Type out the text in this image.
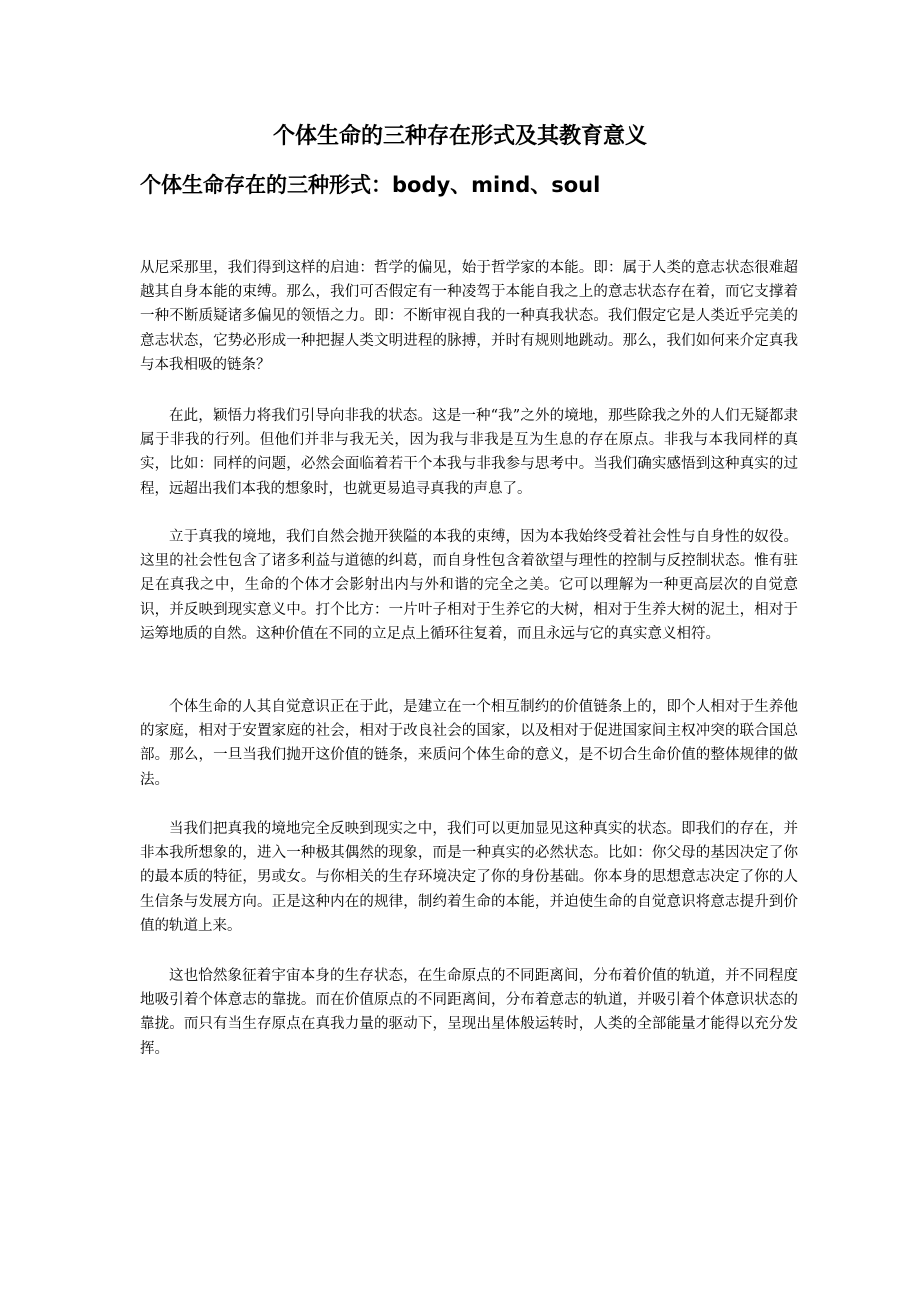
个体生命的三种存在形式及其教育意义
个体生命存在的三种形式：body、mind、soul

从尼采那里，我们得到这样的启迪：哲学的偏见，始于哲学家的本能。即：属于人类的意志状态很难超越其自身本能的束缚。那么，我们可否假定有一种凌驾于本能自我之上的意志状态存在着，而它支撑着一种不断质疑诸多偏见的领悟之力。即：不断审视自我的一种真我状态。我们假定它是人类近乎完美的意志状态，它势必形成一种把握人类文明进程的脉搏，并时有规则地跳动。那么，我们如何来介定真我与本我相吸的链条？

在此，颖悟力将我们引导向非我的状态。这是一种“我”之外的境地，那些除我之外的人们无疑都隶属于非我的行列。但他们并非与我无关，因为我与非我是互为生息的存在原点。非我与本我同样的真实，比如：同样的问题，必然会面临着若干个本我与非我参与思考中。当我们确实感悟到这种真实的过程，远超出我们本我的想象时，也就更易追寻真我的声息了。

立于真我的境地，我们自然会抛开狭隘的本我的束缚，因为本我始终受着社会性与自身性的奴役。这里的社会性包含了诸多利益与道德的纠葛，而自身性包含着欲望与理性的控制与反控制状态。惟有驻足在真我之中，生命的个体才会影射出内与外和谐的完全之美。它可以理解为一种更高层次的自觉意识，并反映到现实意义中。打个比方：一片叶子相对于生养它的大树，相对于生养大树的泥土，相对于运筹地质的自然。这种价值在不同的立足点上循环往复着，而且永远与它的真实意义相符。

个体生命的人其自觉意识正在于此，是建立在一个相互制约的价值链条上的，即个人相对于生养他的家庭，相对于安置家庭的社会，相对于改良社会的国家，以及相对于促进国家间主权冲突的联合国总部。那么，一旦当我们抛开这价值的链条，来质问个体生命的意义，是不切合生命价值的整体规律的做法。

当我们把真我的境地完全反映到现实之中，我们可以更加显见这种真实的状态。即我们的存在，并非本我所想象的，进入一种极其偶然的现象，而是一种真实的必然状态。比如：你父母的基因决定了你的最本质的特征，男或女。与你相关的生存环境决定了你的身份基础。你本身的思想意志决定了你的人生信条与发展方向。正是这种内在的规律，制约着生命的本能，并迫使生命的自觉意识将意志提升到价值的轨道上来。

这也恰然象征着宇宙本身的生存状态，在生命原点的不同距离间，分布着价值的轨道，并不同程度地吸引着个体意志的靠拢。而在价值原点的不同距离间，分布着意志的轨道，并吸引着个体意识状态的靠拢。而只有当生存原点在真我力量的驱动下，呈现出星体般运转时，人类的全部能量才能得以充分发挥。
